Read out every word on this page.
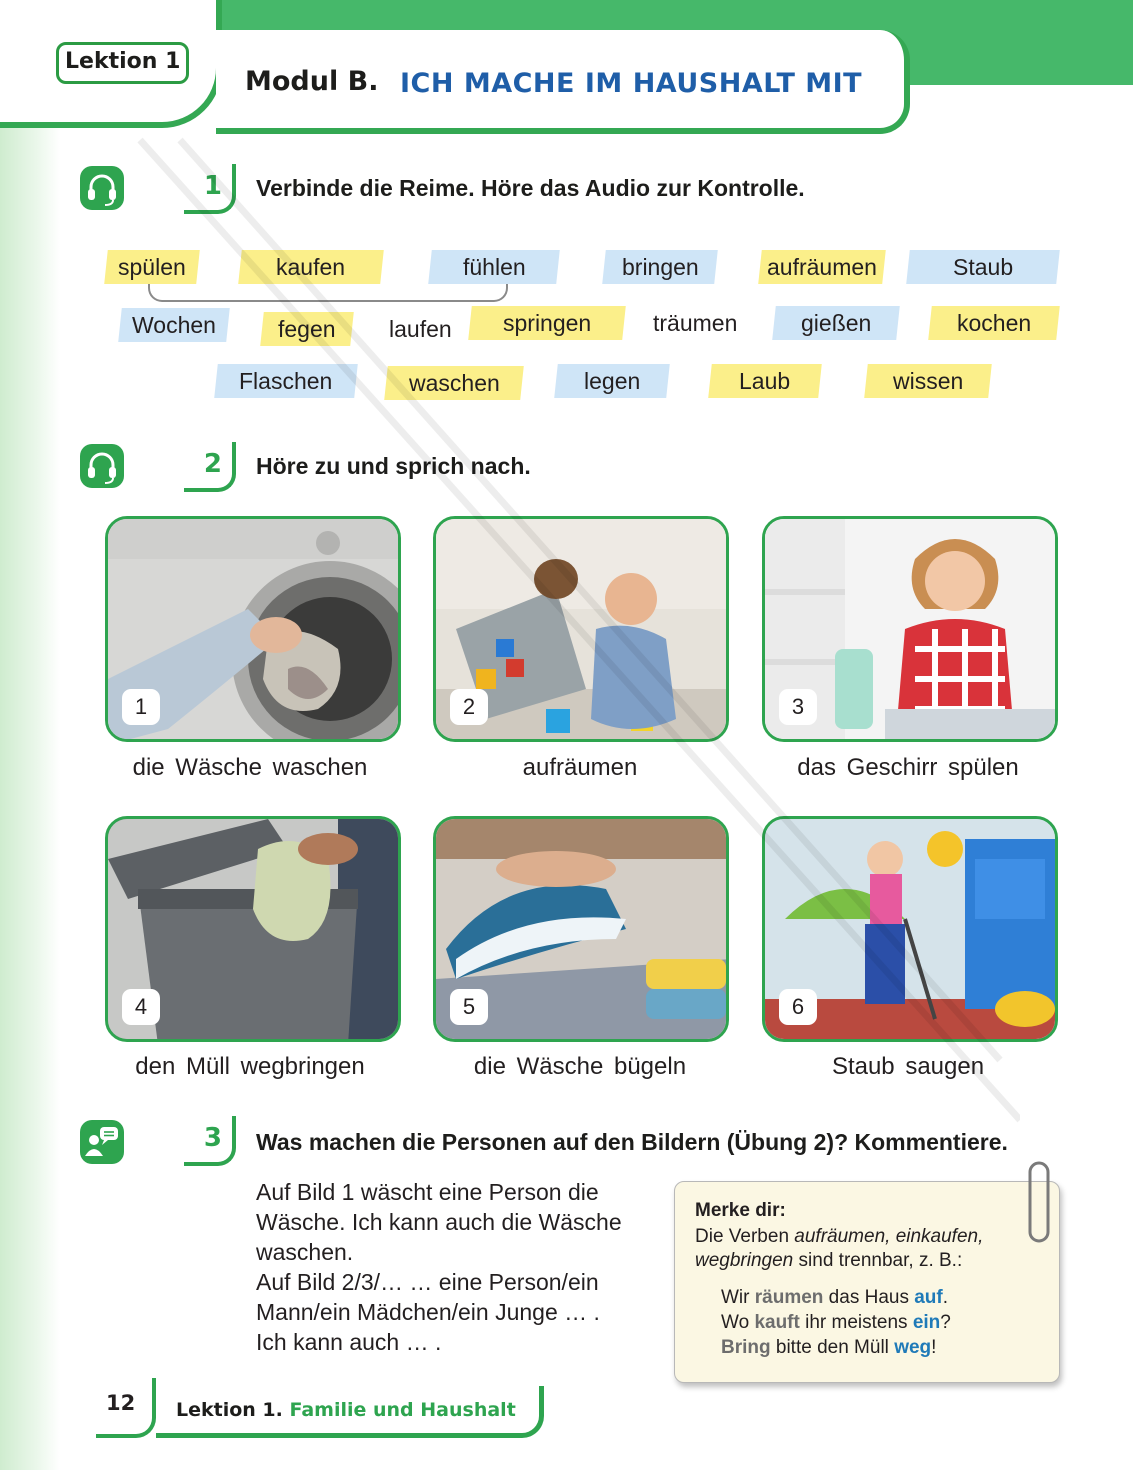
Lektion 1
Modul B. ICH MACHE IM HAUSHALT MIT
1	Verbinde die Reime. Höre das Audio zur Kontrolle.
spülen	kaufen	fühlen	bringen	aufräumen	Staub
Wochen	fegen	laufen	springen	träumen	gießen	kochen
Flaschen	waschen	legen	Laub	wissen
2	Höre zu und sprich nach.
1
die Wäsche waschen
2
aufräumen
3
das Geschirr spülen
4
den Müll wegbringen
5
die Wäsche bügeln
6
Staub saugen
3	Was machen die Personen auf den Bildern (Übung 2)? Kommentiere.
Auf Bild 1 wäscht eine Person die
Wäsche. Ich kann auch die Wäsche
waschen.
Auf Bild 2/3/… … eine Person/ein
Mann/ein Mädchen/ein Junge … .
Ich kann auch … .
Merke dir:
Die Verben aufräumen, einkaufen,
wegbringen sind trennbar, z. B.:
Wir räumen das Haus auf.
Wo kauft ihr meistens ein?
Bring bitte den Müll weg!
12 Lektion 1. Familie und Haushalt
